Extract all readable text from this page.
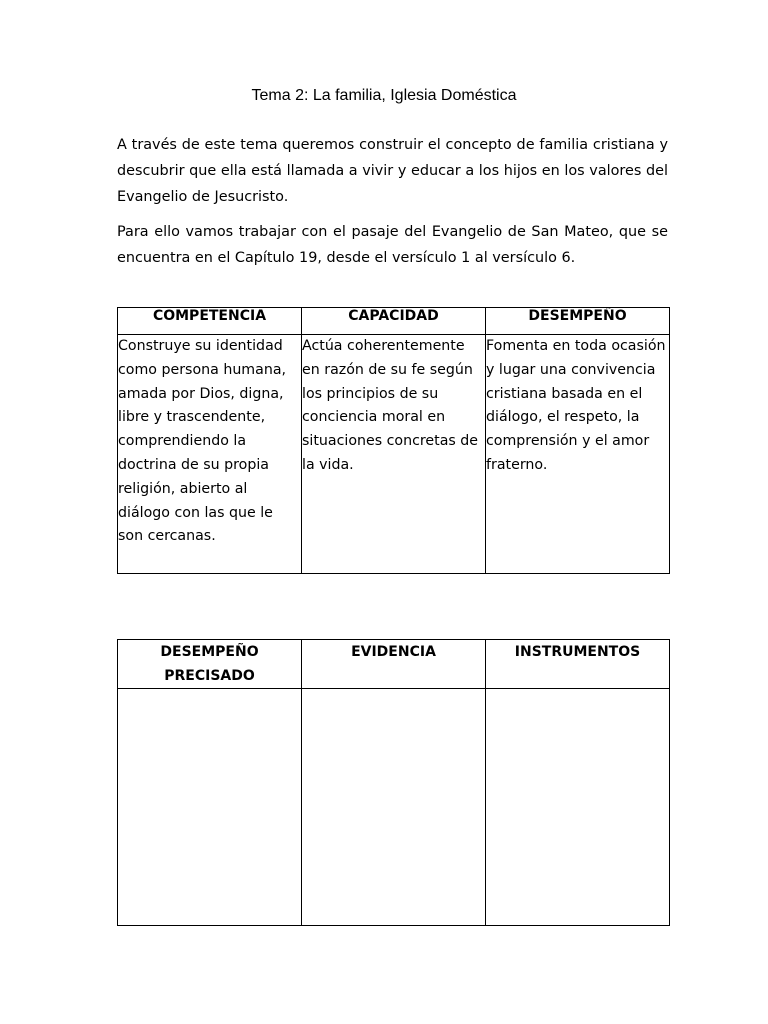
Tema 2: La familia, Iglesia Doméstica

A través de este tema queremos construir el concepto de familia cristiana y descubrir que ella está llamada a vivir y educar a los hijos en los valores del Evangelio de Jesucristo.

Para ello vamos trabajar con el pasaje del Evangelio de San Mateo, que se encuentra en el Capítulo 19, desde el versículo 1 al versículo 6.

COMPETENCIA	CAPACIDAD	DESEMPEÑO
Construye su identidad como persona humana, amada por Dios, digna, libre y trascendente, comprendiendo la doctrina de su propia religión, abierto al diálogo con las que le son cercanas.	Actúa coherentemente en razón de su fe según los principios de su conciencia moral en situaciones concretas de la vida.	Fomenta en toda ocasión y lugar una convivencia cristiana basada en el diálogo, el respeto, la comprensión y el amor fraterno.
DESEMPEÑO PRECISADO	EVIDENCIA	INSTRUMENTOS
